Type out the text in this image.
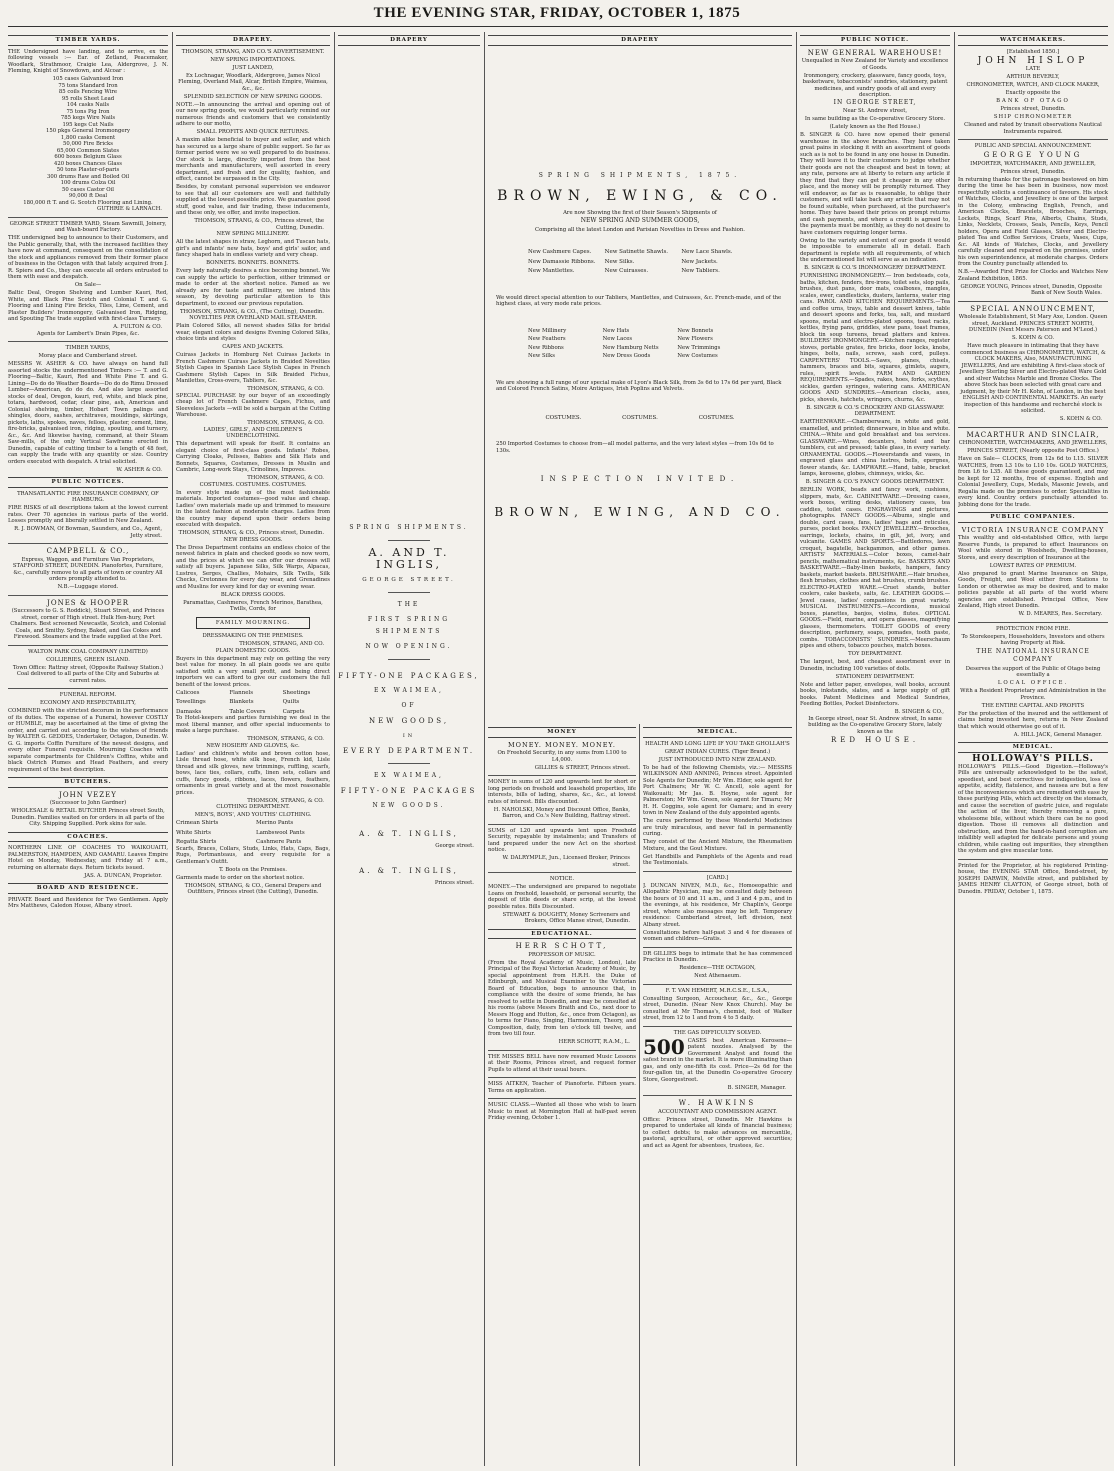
THE EVENING STAR, FRIDAY, OCTOBER 1, 1875
TIMBER YARDS.

THE Undersigned have landing, and to arrive, ex the following vessels :— Ear. of Zetland, Peacemaker, Woodlark, Strathmoor, Craigie Lea, Aldergrove, J. N. Fleming, Knight of Snowdown, and Alcoar :

105 cases Galvanised Iron
75 tons Standard Iron
85 coils Fencing Wire
95 rolls Sheet Lead
104 casks Nails
75 tons Pig Iron
785 kegs Wire Nails
195 kegs Cut Nails
150 pkgs General Ironmongery
1,800 casks Cement
50,000 Fire Bricks
65,000 Common Slates
600 boxes Belgium Glass
420 boxes Chances Glass
50 tons Plaster-of-paris
300 drums Raw and Boiled Oil
100 drums Colza Oil
50 cases Castor Oil
90,000 ft Deal
180,000 ft T. and G. Scotch Flooring and Lining.
GUTHRIE & LARNACH.

GEORGE STREET TIMBER YARD, Steam Sawmill, Joinery, and Wash-board Factory.

THE undersigned beg to announce to their Customers, and the Public generally, that, with the increased facilities they have now at command, consequent on the consolidation of the stock and appliances removed from their former place of business in the Octagon with that lately acquired from J. R. Spiers and Co., they can execute all orders entrusted to them with ease and despatch.

On Sale—

Baltic Deal, Oregon Shelving and Lumber Kauri, Red, White, and Black Pine Scotch and Colonial T. and G. Flooring and Lining Fire Bricks, Tiles, Lime, Cement, and Plaster Builders' Ironmongery, Galvanised Iron, Ridging, and Spouting The trade supplied with first-class Turnery.

A. FULTON & CO.

Agents for Lambert's Drain Pipes, &c.

TIMBER YARDS,

Moray place and Cumberland street.

MESSRS W. ASHER & CO. have always on hand full assorted stocks the undermentioned Timbers :— T. and G. Flooring—Baltic, Kauri, Red and White Pine T. and G. Lining—Do do do Weather Boards—Do do do Rimu Dressed Lumber—American, do do do. And also large assorted stocks of deal, Oregon, kauri, red, white, and black pine, totara, hardwood, cedar, clear pine, ash, American and Colonial shelving, timber, Hobart Town palings and shingles, doors, sashes, architraves, mouldings, skirtings, pickets, laths, spokes, naves, felloes, plaster, cement, lime, fire-bricks, galvanised iron, ridging, spouting, and turnery, &c., &c. And likewise having, command, at their Steam Saw-mills, of the only Vertical Sawframe erected in Dunedin, capable of cutting timber to a length of 48 feet, can supply the trade with any quantity or size. Country orders executed with despatch. A trial solicited.

W. ASHER & CO.
PUBLIC NOTICES.

TRANSATLANTIC FIRE INSURANCE COMPANY, OF HAMBURG.

FIRE RISKS of all descriptions taken at the lowest current rates. Over 70 agencies in various parts of the world. Losses promptly and liberally settled in New Zealand.

R. J. BOWMAN, Of Bowman, Saunders, and Co., Agent, Jetty street.

CAMPBELL & CO.,

Express, Waggon, and Furniture Van Proprietors, STAFFORD STREET, DUNEDIN. Pianofortes, Furniture, &c., carefully remove to all parts of town or country All orders promptly attended to.

N.B.—Luggage stored.

JONES & HOOPER

(Successors to G. S. Roddick), Stuart Street, and Princes street, corner of High street. Hulk Hen-hury, Port Chalmers. Best screened Newcastle, Scotch, and Colonial Coals, and Smithy. Sydney, Baked, and Gas Cokes and Firewood. Steamers and the trade supplied at the Port.

WALTON PARK COAL COMPANY (LIMITED)

COLLIERIES, GREEN ISLAND.

Town Office: Rattray street, (Opposite Railway Station.) Coal delivered to all parts of the City and Suburbs at current rates.

FUNERAL REFORM.

ECONOMY AND RESPECTABILITY,

COMBINED with the strictest decorum in the performance of its duties. The expense of a Funeral, however COSTLY or HUMBLE, may be ascertained at the time of giving the order, and carried out according to the wishes of friends by WALTER G. GEDDES, Undertaker, Octagon, Dunedin. W. G. G. imports Coffin Furniture of the newest designs, and every other Funeral requisite. Mourning Coaches with separate compartments for Children's Coffins, white and black Ostrich Plumes and Head Feathers, and every requirement of the best description.

BUTCHERS.

JOHN VEZEY

(Successor to John Gardner)

WHOLESALE & RETAIL BUTCHER Princes street South, Dunedin. Families waited on for orders in all parts of the City. Shipping Supplied. Pork skins for sale.

COACHES.

NORTHERN LINE OF COACHES TO WAIKOUAITI, PALMERSTON, HAMPDEN, AND OAMARU. Leaves Empire Hotel on Monday, Wednesday, and Friday at 7 a.m., returning on alternate days. Return tickets issued.

JAS. A. DUNCAN, Proprietor.
BOARD AND RESIDENCE.

PRIVATE Board and Residence for Two Gentlemen. Apply Mrs Matthews, Caledon House, Albany street.

DRAPERY.

THOMSON, STRANG, AND CO.'S ADVERTISEMENT.

NEW SPRING IMPORTATIONS.

JUST LANDED,

Ex Lochnagar, Woodlark, Aldergrove, James Nicol Fleming, Overland Mail, Alcar, British Empire, Waimea, &c., &c.

SPLENDID SELECTION OF NEW SPRING GOODS.

NOTE.—In announcing the arrival and opening out of our new spring goods, we would particularly remind our numerous friends and customers that we consistently adhere to our motto,

SMALL PROFITS AND QUICK RETURNS.

A maxim alike beneficial to buyer and seller, and which has secured us a large share of public support. So far as former period were we so well prepared to do business. Our stock is large, directly imported from the best merchants and manufacturers, well assorted in every department, and fresh and for quality, fashion, and effect, cannot be surpassed in the City.

Besides, by constant personal supervision we endeavor to see that all our customers are well and faithfully supplied at the lowest possible price. We guarantee good stuff, good value, and fair trading, these inducements, and these only, we offer, and invite inspection.

THOMSON, STRANG, & CO., Princes street, the Cutting, Dunedin.

NEW SPRING MILLINERY.

All the latest shapes in straw, Leghorn, and Tuscan hats, girl's and infants' new hats, boys' and girls' sailor, and fancy shaped hats in endless variety and very cheap.

BONNETS. BONNETS. BONNETS.

Every lady naturally desires a nice becoming bonnet. We can supply the article to perfection, either trimmed or made to order at the shortest notice. Famed as we already are for taste and millinery, we intend this season, by devoting particular attention to this department, to exceed our previous reputation.

THOMSON, STRANG, & CO., (The Cutting), Dunedin.

NOVELTIES PER OVERLAND MAIL STEAMER.

Plain Colored Silks, all newest shades Silks for bridal wear, elegant colors and designs Evening Colored Silks, choice tints and styles

CAPES AND JACKETS.

Cuirass Jackets in Homburg Net Cuirass Jackets in French Cashmere Cuirass Jackets in Braided Novelties Stylish Capes in Spanish Lace Stylish Capes in French Cashmere Stylish Capes in Silk Braided Fichus, Manilettes, Cross-overs, Tabliers, &c.

THOMSON, STRANG, & CO.

SPECIAL PURCHASE by our buyer of an exceedingly cheap lot of French Cashmere Capes, Fichus, and Sleeveless Jackets —will be sold a bargain at the Cutting Warehouse.

THOMSON, STRANG, & CO.

LADIES', GIRLS', AND CHILDREN'S UNDERCLOTHING.

This department will speak for itself. It contains an elegant choice of first-class goods. Infants' Robes, Carrying Cloaks, Pelisses, Babies and Silk Hats and Bonnets, Squares, Costumes, Dresses in Muslin and Cambric, Long-work Stays, Crinolines, Impoves.

THOMSON, STRANG, & CO.

COSTUMES. COSTUMES. COSTUMES.

In every style made up of the most fashionable materials. Imported costumes—good value and cheap. Ladies' own materials made up and trimmed to measure in the latest fashion at moderate charges. Ladies from the country may depend upon their orders being executed with despatch.

THOMSON, STRANG, & CO., Princes street, Dunedin.

NEW DRESS GOODS.

The Dress Department contains an endless choice of the newest fabrics in plain and checked goods so now worn, and the prices at which we can offer our dresses will satisfy all buyers. Japanese Silks, Silk Warps, Alpacas, Lustres, Serges, Challies, Mohairs, Silk Twills, Silk Checks, Cretonnes for every day wear, and Grenadines and Muslins for every kind for day or evening wear.

BLACK DRESS GOODS.

Paramattas, Cashmeres, French Merinos, Barathea, Twills, Cords, for

FAMILY MOURNING.

DRESSMAKING ON THE PREMISES.

THOMSON, STRANG, AND CO.

PLAIN DOMESTIC GOODS.

Buyers in this department may rely on getting the very best value for money. In all plain goods we are quite satisfied with a very small profit, and being direct importers we can afford to give our customers the full benefit of the lowest prices.

Calicoes	Flannels	Sheetings
Towellings	Blankets	Quilts
Damasks	Table Covers	Carpets

To Hotel-keepers and parties furnishing we deal in the most liberal manner, and offer special inducements to make a large purchase.

THOMSON, STRANG, & CO.

NEW HOSIERY AND GLOVES, &c.

Ladies' and children's white and brown cotton hose, Lisle thread hose, white silk hose, French kid, Lisle thread and silk gloves, new trimmings, ruffling, scarfs, bows, lace ties, collars, cuffs, linen sets, collars and cuffs, fancy goods, ribbons, laces, flowers, feathers, ornaments in great variety and at the most reasonable prices.

THOMSON, STRANG, & CO.

CLOTHING DEPARTMENT.

MEN'S, BOYS', AND YOUTHS' CLOTHING.

Crimean Shirts	Merino Pants
White Shirts	Lambswool Pants
Regatta Shirts	Cashmere Pants

Scarfs, Braces, Collars, Studs, Links, Hats, Caps, Bags, Rugs, Portmanteaus, and every requisite for a Gentleman's Outfit.

T. Boots on the Premises.

Garments made to order on the shortest notice.

THOMSON, STRANG, & CO., General Drapers and Outfitters, Princes street (the Cutting), Dunedin.

DRAPERY
SPRING SHIPMENTS.
A. AND T. INGLIS,
GEORGE STREET.
THE
FIRST SPRING SHIPMENTS
NOW OPENING.
FIFTY-ONE PACKAGES,
EX WAIMEA,
OF
NEW GOODS,
IN
EVERY DEPARTMENT.
EX WAIMEA,
FIFTY-ONE PACKAGES
NEW GOODS.
A. & T. INGLIS,
George street.
A. & T. INGLIS,
Princes street.
DRAPERY
SPRING SHIPMENTS, 1875.
BROWN, EWING, & CO.

Are now Showing the first of their Season's Shipments of

NEW SPRING AND SUMMER GOODS,

Comprising all the latest London and Parisian Novelties in Dress and Fashion.

New Cashmere Capes.	New Satinette Shawls.	New Lace Shawls.
New Damassie Ribbons.	New Silks.	New Jackets.
New Mantlettes.	New Cuirasses.	New Tabliers.

We would direct special attention to our Tabliers, Mantlettes, and Cuirasses, &c. French-made, and of the highest class, at very mode rate prices.

New Millinery	New Hats	New Bonnets
New Feathers	New Laces	New Flowers
New Ribbons	New Hamburg Netts	New Trimmings
New Silks	New Dress Goods	New Costumes

We are showing a full range of our special make of Lyon's Black Silk, from 3s 6d to 17s 6d per yard, Black and Colored French Satins, Moire Antiques, Irish Poplins and Velvets.

COSTUMES.	COSTUMES.	COSTUMES.

250 Imported Costumes to choose from—all model patterns, and the very latest styles —from 10s 6d to 130s.

INSPECTION INVITED.
BROWN, EWING, AND CO.
MONEY

MONEY. MONEY. MONEY.

On Freehold Security, in any sums from L100 to L4,000.

GILLIES & STREET, Princes street.

MONEY in sums of L20 and upwards lent for short or long periods on freehold and leasehold properties, life interests, bills of lading, shares, &c., &c., at lowest rates of interest. Bills discounted.

H. NAHOLSKI, Money and Discount Office, Banks, Barron, and Co.'s New Building, Rattray street.

SUMS of L20 and upwards lent upon Freehold Security, repayable by instalments; and Transfers of land prepared under the new Act on the shortest notice.

W. DALRYMPLE, Jun., Licensed Broker, Princes street.

NOTICE.

MONEY.—The undersigned are prepared to negotiate Loans on freehold, leasehold, or personal security, the deposit of title deeds or share scrip, at the lowest possible rates. Bills Discounted.

STEWART & DOUGHTY, Money Scriveners and Brokers, Office Manse street, Dunedin.
EDUCATIONAL.

HERR SCHOTT,

PROFESSOR OF MUSIC.

(From the Royal Academy of Music, London), late Principal of the Royal Victorian Academy of Music, by special appointment from H.R.H. the Duke of Edinburgh, and Musical Examiner to the Victorian Board of Education, begs to announce that, in compliance with the desire of some friends, he has resolved to settle in Dunedin, and may be consulted at his rooms (above Messrs Braith and Co., next door to Messrs Hogg and Hutton, &c., once from Octagon), as to terms for Piano, Singing, Harmonium, Theory, and Composition, daily, from ten o'clock till twelve, and from two till four.

HERR SCHOTT, R.A.M., L.

THE MISSES BELL have now resumed Music Lessons at their Rooms, Princes street, and request former Pupils to attend at their usual hours.

MISS AITKEN, Teacher of Pianoforte. Fifteen years. Terms on application.

MUSIC CLASS.—Wanted all those who wish to learn Music to meet at Mornington Hall at half-past seven Friday evening, October 1.

MEDICAL.

HEALTH AND LONG LIFE IF YOU TAKE GHOLLAH'S

GREAT INDIAN CURES. (Tiger Brand.)

JUST INTRODUCED INTO NEW ZEALAND.

To be had of the following Chemists, viz.:— MESSRS WILKINSON AND ANNING, Princes street. Appointed Sole Agents for Dunedin; Mr Wm. Elder, sole agent for Port Chalmers; Mr W. C. Ancell, sole agent for Waikouaiti; Mr Jas. B. Hoyne, sole agent for Palmerston; Mr Wm. Green, sole agent for Timaru; Mr H. H. Coggins, sole agent for Oamaru; and in every town in New Zealand of the duly appointed agents.

The cures performed by these Wonderful Medicines are truly miraculous, and never fail in permanently curing.

They consist of the Ancient Mixture, the Rheumatism Mixture, and the Gout Mixture.

Get Handbills and Pamphlets of the Agents and read the Testimonials.

[CARD.]

J. DUNCAN NIVEN, M.D., &c., Homoeopathic and Allopathic Physician, may be consulted daily between the hours of 10 and 11 a.m., and 3 and 4 p.m., and in the evenings, at his residence, Mr Chaplin's, George street, where also messages may be left. Temporary residence: Cumberland street, left division, next Albany street.

Consultations before half-past 3 and 4 for diseases of women and children—Gratis.

DR GILLIES begs to intimate that he has commenced Practice in Dunedin.

Residence—THE OCTAGON,

Next Athenaeum.

F. T. VAN HEMERT, M.R.C.S.E., L.S.A.,

Consulting Surgeon, Accoucheur, &c., &c., George street, Dunedin. (Near New Knox Church). May be consulted at Mr Thomas's, chemist, foot of Walker street, from 12 to 1 and from 4 to 5 daily.

THE GAS DIFFICULTY SOLVED.

500 CASES best American Kerosene—patent nozzles. Analysed by the Government Analyst and found the safest brand in the market. It is more illuminating than gas, and only one-fifth its cost. Price—2s 6d for the four-gallon tin, at the Dunedin Co-operative Grocery Store, Georgestreet.

B. SINGER, Manager.

W. HAWKINS

ACCOUNTANT AND COMMISSION AGENT.

Office: Princes street, Dunedin. Mr Hawkins is prepared to undertake all kinds of financial business; to collect debts; to make advances on mercantile, pastoral, agricultural, or other approved securities; and act as Agent for absentees, trustees, &c.

PUBLIC NOTICE.

NEW GENERAL WAREHOUSE!

Unequalled in New Zealand for Variety and excellence of Goods.

Ironmongery, crockery, glassware, fancy goods, toys, basketware, tobacconists' sundries, stationery, patent medicines, and sundry goods of all and every description.

IN GEORGE STREET,

Near St. Andrew street,

In same building as the Co-operative Grocery Store.

(Lately known as the Red House.)

B. SINGER & CO. have now opened their general warehouse in the above branches. They have taken great pains in stocking it with an assortment of goods such as is not to be found in any one house in Dunedin. They will leave it to their customers to judge whether their goods are not the cheapest and best in town; at any rate, persons are at liberty to return any article if they find that they can get it cheaper in any other place, and the money will be promptly returned. They will endeavor, as far as is reasonable, to oblige their customers, and will take back any article that may not be found suitable, when purchased, at the purchaser's home. They have based their prices on prompt returns and cash payments, and where a credit is agreed to, the payments must be monthly, as they do not desire to have customers requiring longer terms.

Owing to the variety and extent of our goods it would be impossible to enumerate all in detail. Each department is replete with all requirements, of which the undermentioned list will serve as an indication.

B. SINGER & CO.'S IRONMONGERY DEPARTMENT.

FURNISHING IRONMONGERY.— Iron bedsteads, cots, baths, kitchen, fenders, fire-irons, toilet sets, slop pails, brushes, dust pans, door mats, coalboxes, mangles, scales, ewer, candlesticks, dusters, lanterns, water ring cans. PAROL AND KITCHEN REQUIREMENTS.—Tea and coffee urns, trays, table and dessert knives, table and dessert spoons and forks, tea, salt, and mustard spoons, metal and electro-plated spoons, toast racks, kettles, frying pans, griddles, stew pans, toast frames, block tin soup tureens, bread platters and knives. BUILDERS' IRONMONGERY.—Kitchen ranges, register stoves, portable grates, fire bricks, door locks, knobs, hinges, bolts, nails, screws, sash cord, pulleys. CARPENTERS' TOOLS.—Saws, planes, chisels, hammers, braces and bits, squares, gimlets, augers, rules, spirit levels. FARM AND GARDEN REQUIREMENTS.—Spades, rakes, hoes, forks, scythes, sickles, garden syringes, watering cans. AMERICAN GOODS AND SUNDRIES.—American clocks, axes, picks, shovels, hatchets, wringers, churns, &c.

B. SINGER & CO.'S CROCKERY AND GLASSWARE DEPARTMENT.

EARTHENWARE.—Chamberware, in white and gold, enamelled, and printed; dinnerware, in blue and white. CHINA.—White and gold breakfast and tea services. GLASSWARE.—Wines, decanters, hotel and bar tumblers, cut and pressed; table glass, in every variety. ORNAMENTAL GOODS.—Flowerstands and vases, in engraved glass and china lustres, bells, epergnes, flower stands, &c. LAMPWARE.—Hand, table, bracket lamps, kerosene, globes, chimneys, wicks, &c.

B. SINGER & CO.'S FANCY GOODS DEPARTMENT.

BERLIN WORK, beads and fancy work, cushions, slippers, mats, &c. CABINETWARE.—Dressing cases, work boxes, writing desks, stationery cases, tea caddies, toilet cases. ENGRAVINGS and pictures, photographs. FANCY GOODS.—Albums, single and double, card cases, fans, ladies' bags and reticules, purses, pocket books. FANCY JEWELLERY.—Brooches, earrings, lockets, chains, in gilt, jet, ivory, and vulcanite. GAMES AND SPORTS.—Battledores, lawn croquet, bagatelle, backgammon, and other games. ARTISTS' MATERIALS.—Color boxes, camel-hair pencils, mathematical instruments, &c. BASKETS AND BASKETWARE.—Baby-linen baskets, hampers, fancy baskets, market baskets. BRUSHWARE.—Hair brushes, flesh brushes, clothes and hat brushes, crumb brushes. ELECTRO-PLATED WARE.—Cruet stands, butter coolers, cake baskets, salts, &c. LEATHER GOODS.—Jewel cases, ladies' companions in great variety. MUSICAL INSTRUMENTS.—Accordions, musical boxes, pianettes, banjos, violins, flutes. OPTICAL GOODS.—Field, marine, and opera glasses, magnifying glasses, thermometers. TOILET GOODS of every description, perfumery, soaps, pomades, tooth paste, combs. TOBACCONISTS' SUNDRIES.—Meerschaum pipes and others, tobacco pouches, match boxes.

TOY DEPARTMENT.

The largest, best, and cheapest assortment ever in Dunedin, including 100 varieties of dolls.

STATIONERY DEPARTMENT.

Note and letter paper, envelopes, wall books, account books, inkstands, slates, and a large supply of gift books. Patent Medicines and Medical Sundries, Feeding Bottles, Pocket Disinfectors.

B. SINGER & CO.,

In George street, near St. Andrew street, In same building as the Co-operative Grocery Store, lately known as the

RED HOUSE.

WATCHMAKERS.

[Established 1850.]

JOHN HISLOP

LATE

ARTHUR BEVERLY,

CHRONOMETER, WATCH, AND CLOCK MAKER,

Exactly opposite the

BANK OF OTAGO

Princes street, Dunedin.

SHIP CHRONOMETER

Cleaned and rated by transit observations Nautical Instruments repaired.

PUBLIC AND SPECIAL ANNOUNCEMENT.

GEORGE YOUNG

IMPORTER, WATCHMAKER, AND JEWELLER,

Princes street, Dunedin.

In returning thanks for the patronage bestowed on him during the time he has been in business, now most respectfully solicits a continuance of favours. His stock of Watches, Clocks, and Jewellery is one of the largest in the Colony, embracing English, French, and American Clocks, Bracelets, Brooches, Earrings, Lockets, Rings, Scarf Pins, Alberts, Chains, Studs, Links, Necklets, Crosses, Seals, Pencils, Keys, Pencil holders, Opera and Field Glasses, Silver and Electro-plated Tea and Coffee Services, Cruets, Vases, Cups, &c. All kinds of Watches, Clocks, and Jewellery carefully cleaned and repaired on the premises, under his own superintendence, at moderate charges. Orders from the Country punctually attended to.

N.B.—Awarded First Prize for Clocks and Watches New Zealand Exhibition, 1865.

GEORGE YOUNG, Princes street, Dunedin, Opposite Bank of New South Wales.

SPECIAL ANNOUNCEMENT,

Wholesale Establishment, St Mary Axe, London. Queen street, Auckland. PRINCES STREET NORTH, DUNEDIN (Next Messrs Paterson and M'Leod.)

S. KOHN & CO.

Have much pleasure in intimating that they have commenced business as CHRONOMETER, WATCH, & CLOCK MAKERS, Also, MANUFACTURING JEWELLERS, And are exhibiting A first-class stock of Jewellery Sterling Silver and Electro-plated Ware Gold and silver Watches Marble and Bronze Clocks. The above Stock has been selected with great care and judgment, by their Mr H. Kohn, of London, in the best ENGLISH AND CONTINENTAL MARKETS. An early inspection of this handsome and recherché stock is solicited.

S. KOHN & CO.

MACARTHUR AND SINCLAIR,

CHRONOMETER, WATCHMAKERS, AND JEWELLERS,

PRINCES STREET, (Nearly opposite Post Office.)

Have on Sale— CLOCKS, from 12s 6d to L15. SILVER WATCHES, from L3 10s to L10 10s. GOLD WATCHES, from L6 to L35. All these goods guaranteed, and may be kept for 12 months, free of expense. English and Colonial Jewellery, Cups, Medals, Masonic Jewels, and Regalia made on the premises to order. Specialities in every kind. Country orders punctually attended to. Jobbing done for the trade.

PUBLIC COMPANIES.

VICTORIA INSURANCE COMPANY

This wealthy and old-established Office, with large Reserve Funds, is prepared to effect Insurances on Wool while stored in Woolsheds, Dwelling-houses, Stores, and every description of Insurance at the

LOWEST RATES OF PREMIUM.

Also prepared to grant Marine Insurance on Ships, Goods, Freight, and Wool either from Stations to London or otherwise as may be desired, and to make policies payable at all parts of the world where agencies are established. Principal Office, New Zealand, High street Dunedin.

W. D. MEARES, Res. Secretary.

PROTECTION FROM FIRE.

To Storekeepers, Householders, Investors and others having Property at Risk.

THE NATIONAL INSURANCE COMPANY

Deserves the support of the Public of Otago being essentially a

LOCAL OFFICE.

With a Resident Proprietary and Administration in the Province.

THE ENTIRE CAPITAL AND PROFITS

For the protection of the insured and the settlement of claims being invested here, returns in New Zealand that which would otherwise go out of it.

A. HILL JACK, General Manager.
MEDICAL.

HOLLOWAY'S PILLS.

HOLLOWAY'S PILLS.—Good Digestion.—Holloway's Pills are universally acknowledged to be the safest, speediest, and best correctives for indigestion, loss of appetite, acidity, flatulence, and nausea are but a few of the inconveniences which are remedied with ease by these purifying Pills, which act directly on the stomach, and cause the secretion of gastric juice, and regulate the action of the liver, thereby removing a pure, wholesome bile, without which there can be no good digestion. Those ill removes all distinction and obstruction, and from the hand-in-hand corruption are infallibly well adapted for delicate persons and young children, while casting out impurities, they strengthen the system and give muscular tone.

Printed for the Proprietor, at his registered Printing-house, the EVENING STAR Office, Bond-street, by JOSEPH DARWIN, Melville street, and published by JAMES HENRY CLAYTON, of George street, both of Dunedin. FRIDAY, October 1, 1875.
